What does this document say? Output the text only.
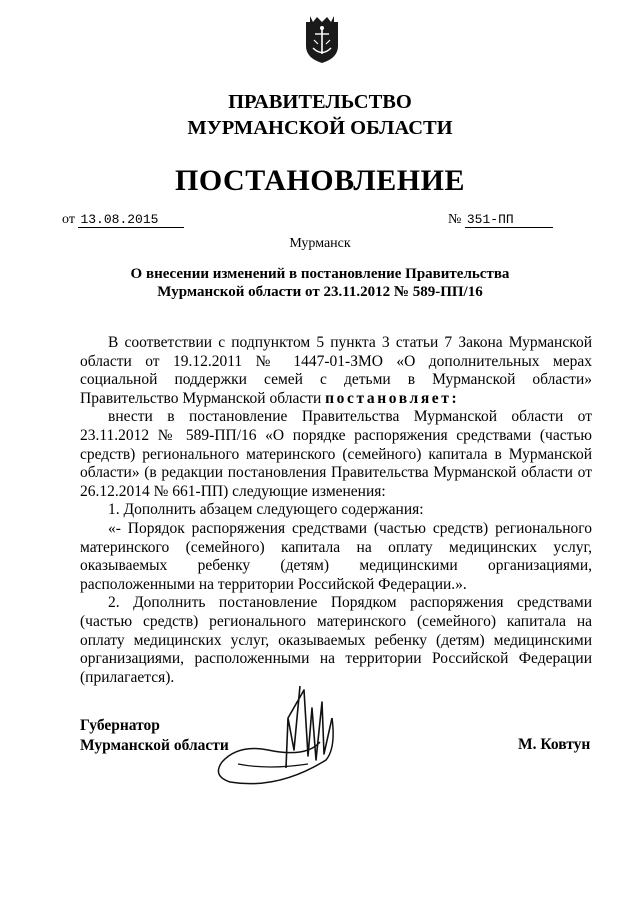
ПРАВИТЕЛЬСТВО
МУРМАНСКОЙ ОБЛАСТИ
ПОСТАНОВЛЕНИЕ
от 13.08.2015	№ 351-ПП
Мурманск
О внесении изменений в постановление Правительства
Мурманской области от 23.11.2012 № 589-ПП/16

В соответствии с подпунктом 5 пункта 3 статьи 7 Закона Мурманской области от 19.12.2011 № 1447-01-ЗМО «О дополнительных мерах социальной поддержки семей с детьми в Мурманской области» Правительство Мурманской области постановляет:

внести в постановление Правительства Мурманской области от 23.11.2012 № 589-ПП/16 «О порядке распоряжения средствами (частью средств) регионального материнского (семейного) капитала в Мурманской области» (в редакции постановления Правительства Мурманской области от 26.12.2014 № 661-ПП) следующие изменения:

1. Дополнить абзацем следующего содержания:

«- Порядок распоряжения средствами (частью средств) регионального материнского (семейного) капитала на оплату медицинских услуг, оказываемых ребенку (детям) медицинскими организациями, расположенными на территории Российской Федерации.».

2. Дополнить постановление Порядком распоряжения средствами (частью средств) регионального материнского (семейного) капитала на оплату медицинских услуг, оказываемых ребенку (детям) медицинскими организациями, расположенными на территории Российской Федерации (прилагается).

Губернатор
Мурманской области	М. Ковтун
